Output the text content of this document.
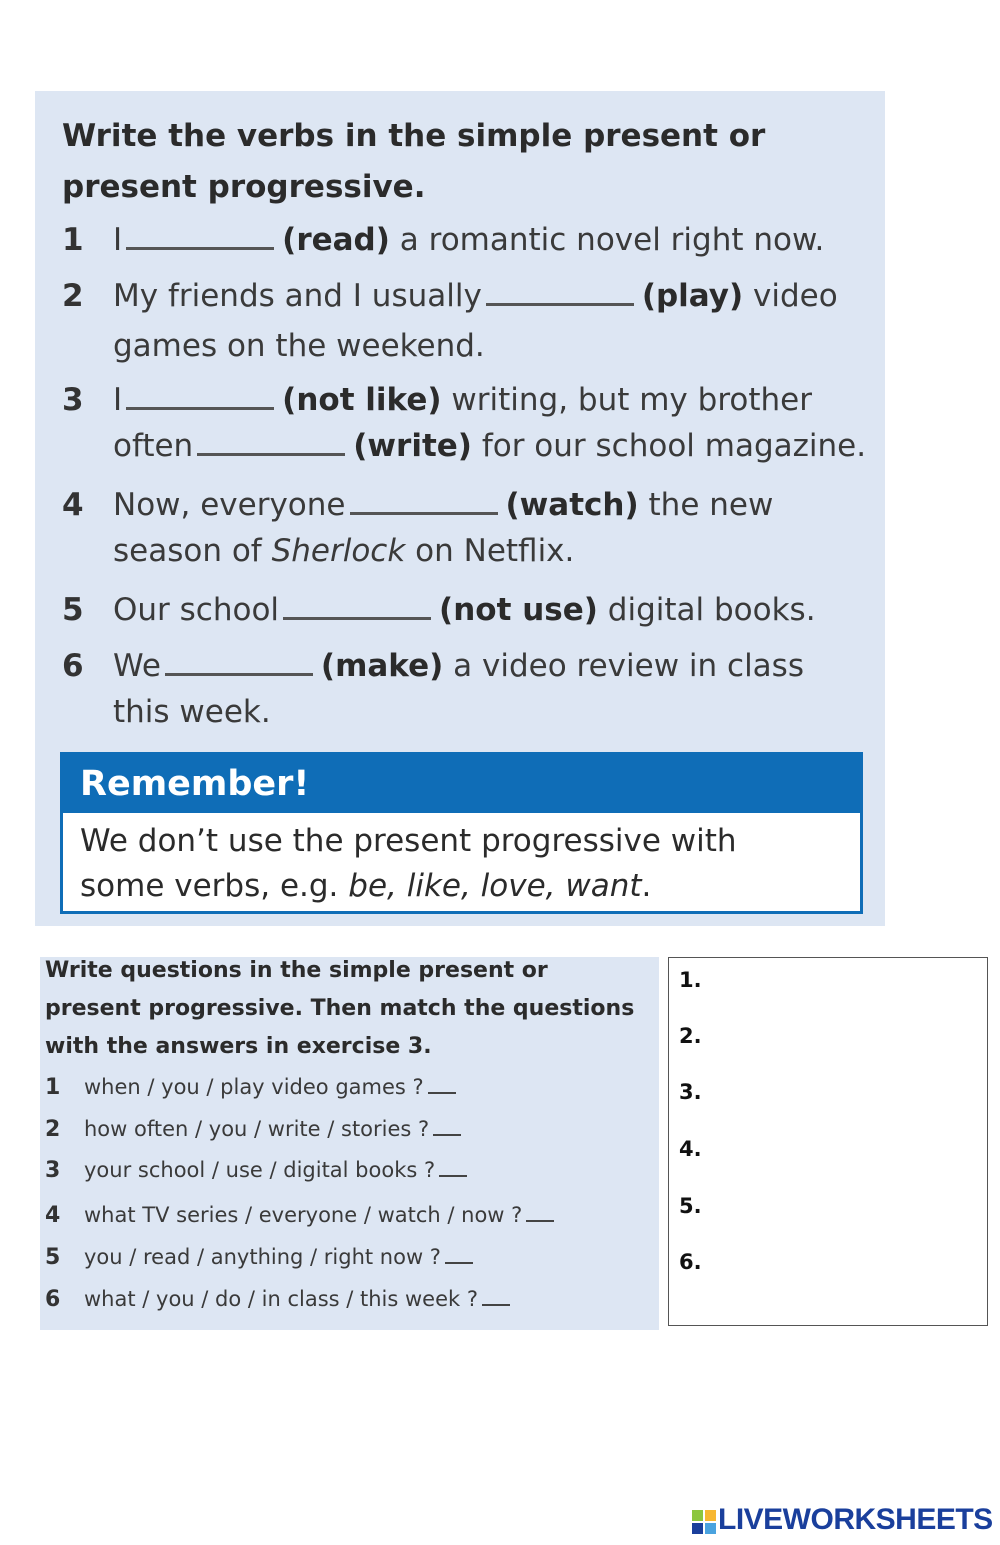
Write the verbs in the simple present or
present progressive.
1 I	(read) a romantic novel right now.
2 My friends and I usually	(play) video
games on the weekend.
3 I	(not like) writing, but my brother
often	(write) for our school magazine.
4 Now, everyone	(watch) the new
season of Sherlock on Netflix.
5 Our school	(not use) digital books.
6 We	(make) a video review in class
this week.
Remember!
We don’t use the present progressive with
some verbs, e.g. be, like, love, want.
Write questions in the simple present or
present progressive. Then match the questions
with the answers in exercise 3.
1 when / you / play video games ?
2 how often / you / write / stories ?
3 your school / use / digital books ?
4 what TV series / everyone / watch / now ?
5 you / read / anything / right now ?
6 what / you / do / in class / this week ?
1.
2.
3.
4.
5.
6.
LIVEWORKSHEETS
